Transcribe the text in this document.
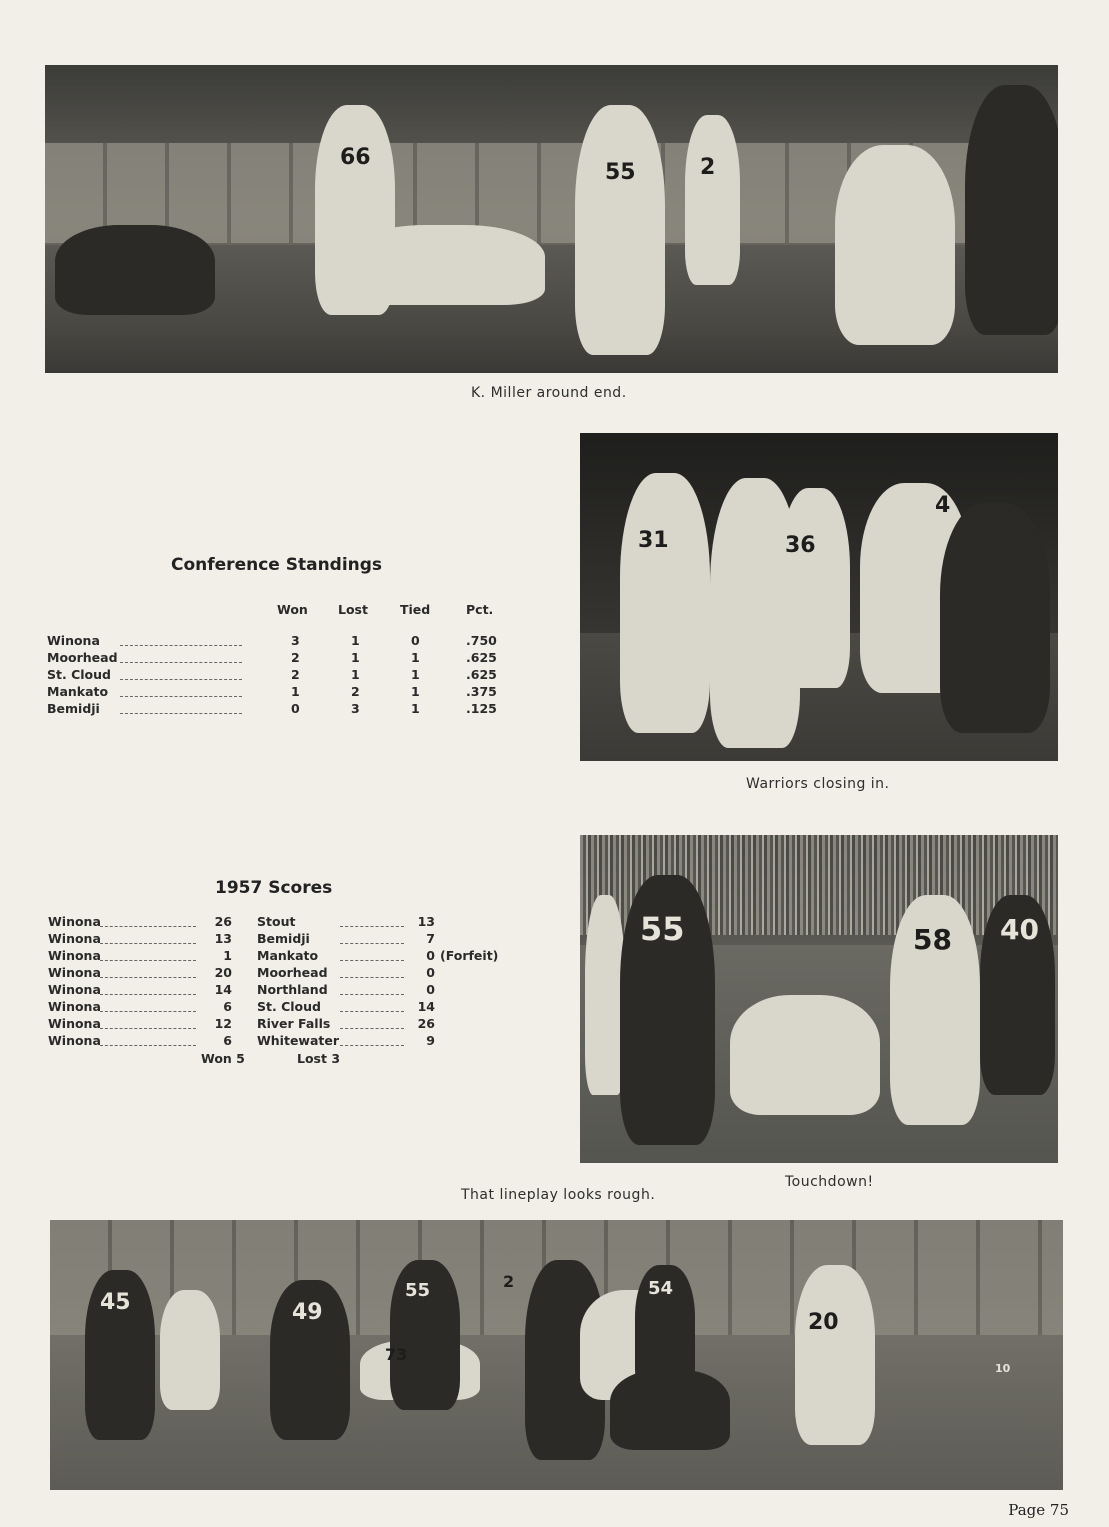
66
55	2
K. Miller around end.
Conference Standings
Won Lost	Tied	Pct.
Winona	3	1	0	.750
Moorhead	2	1	1	.625
St. Cloud	2	1	1	.625
Mankato	1	2	1	.375
Bemidji	0	3	1	.125
31	36
4
Warriors closing in.
1957 Scores
Winona	26 Stout	13
Winona	13 Bemidji	7
Winona	1 Mankato	0 (Forfeit)
Winona	20 Moorhead	0
Winona	14 Northland	0
Winona	6 St. Cloud	14
Winona	12 River Falls	26
Winona	6 Whitewater	9
Won 5	Lost 3
55	58 40
Touchdown!
That lineplay looks rough.
45	49
55	54
20
73
2
10
Page 75
